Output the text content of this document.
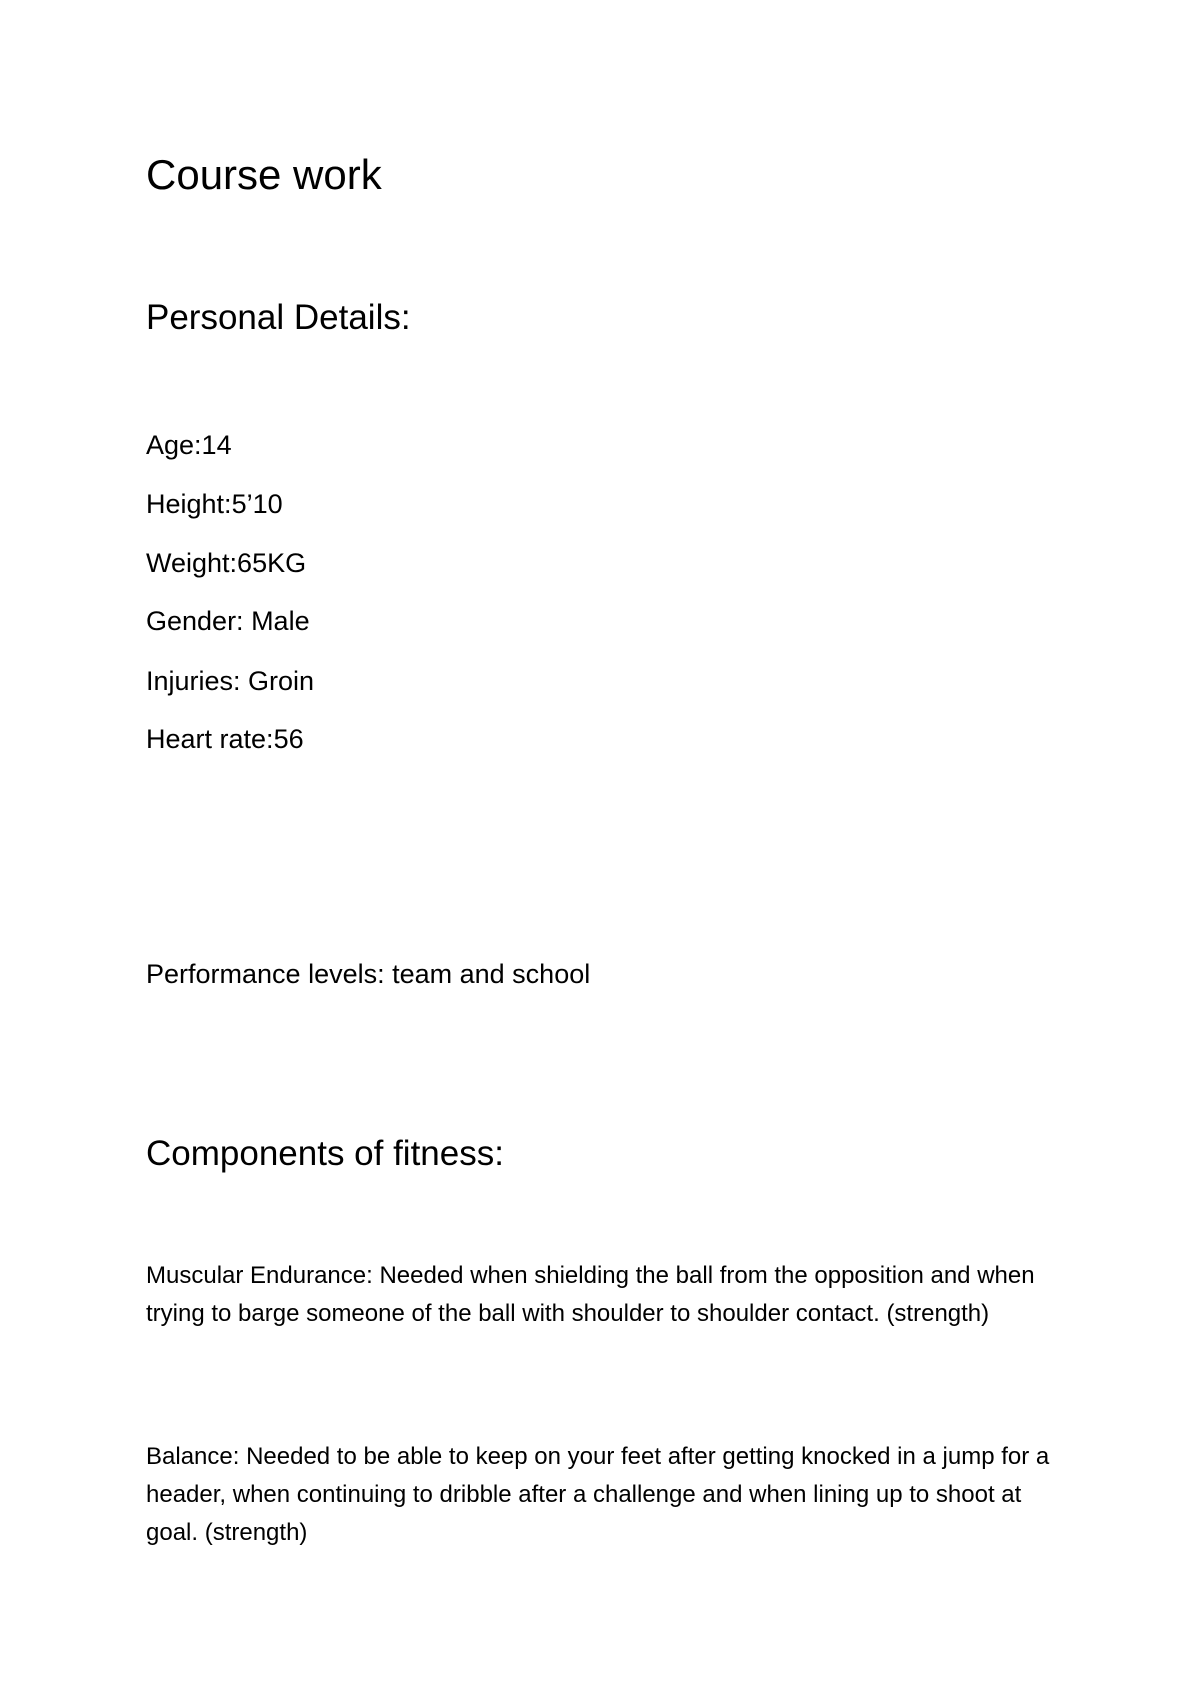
Course work
Personal Details:
Age:14
Height:5’10
Weight:65KG
Gender: Male
Injuries: Groin
Heart rate:56
Performance levels: team and school
Components of fitness:

Muscular Endurance: Needed when shielding the ball from the opposition and when trying to barge someone of the ball with shoulder to shoulder contact. (strength)

Balance: Needed to be able to keep on your feet after getting knocked in a jump for a header, when continuing to dribble after a challenge and when lining up to shoot at goal. (strength)
